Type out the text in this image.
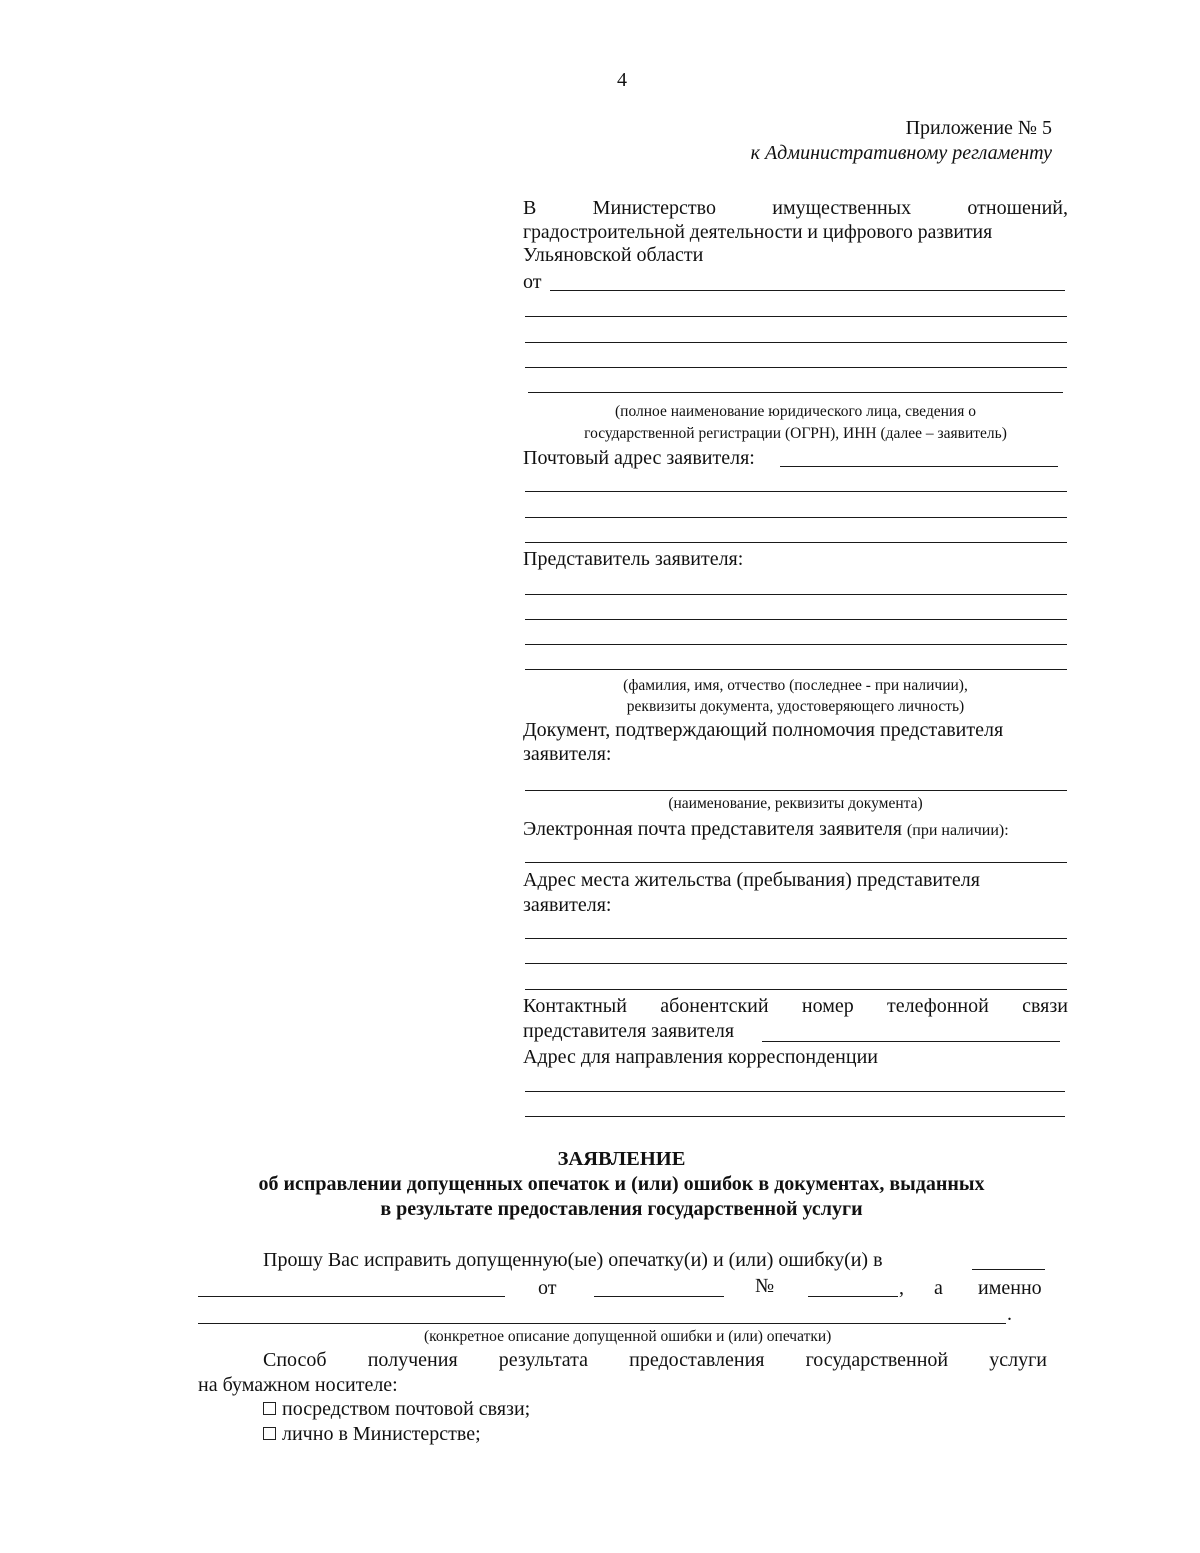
4
Приложение № 5
к Административному регламенту
В	Министерство	имущественных	отношений,
градостроительной деятельности и цифрового развития
Ульяновской области
от
(полное наименование юридического лица, сведения о
государственной регистрации (ОГРН), ИНН (далее – заявитель)
Почтовый адрес заявителя:
Представитель заявителя:
(фамилия, имя, отчество (последнее - при наличии),
реквизиты документа, удостоверяющего личность)
Документ, подтверждающий полномочия представителя
заявителя:
(наименование, реквизиты документа)
Электронная почта представителя заявителя (при наличии):
Адрес места жительства (пребывания) представителя
заявителя:
Контактный абонентский номер телефонной связи
представителя заявителя
Адрес для направления корреспонденции
ЗАЯВЛЕНИЕ
об исправлении допущенных опечаток и (или) ошибок в документах, выданных
в результате предоставления государственной услуги
Прошу Вас исправить допущенную(ые) опечатку(и) и (или) ошибку(и) в
от	№	, а именно
.
(конкретное описание допущенной ошибки и (или) опечатки)
Способ получения результата предоставления государственной услуги
на бумажном носителе:
посредством почтовой связи;
лично в Министерстве;
